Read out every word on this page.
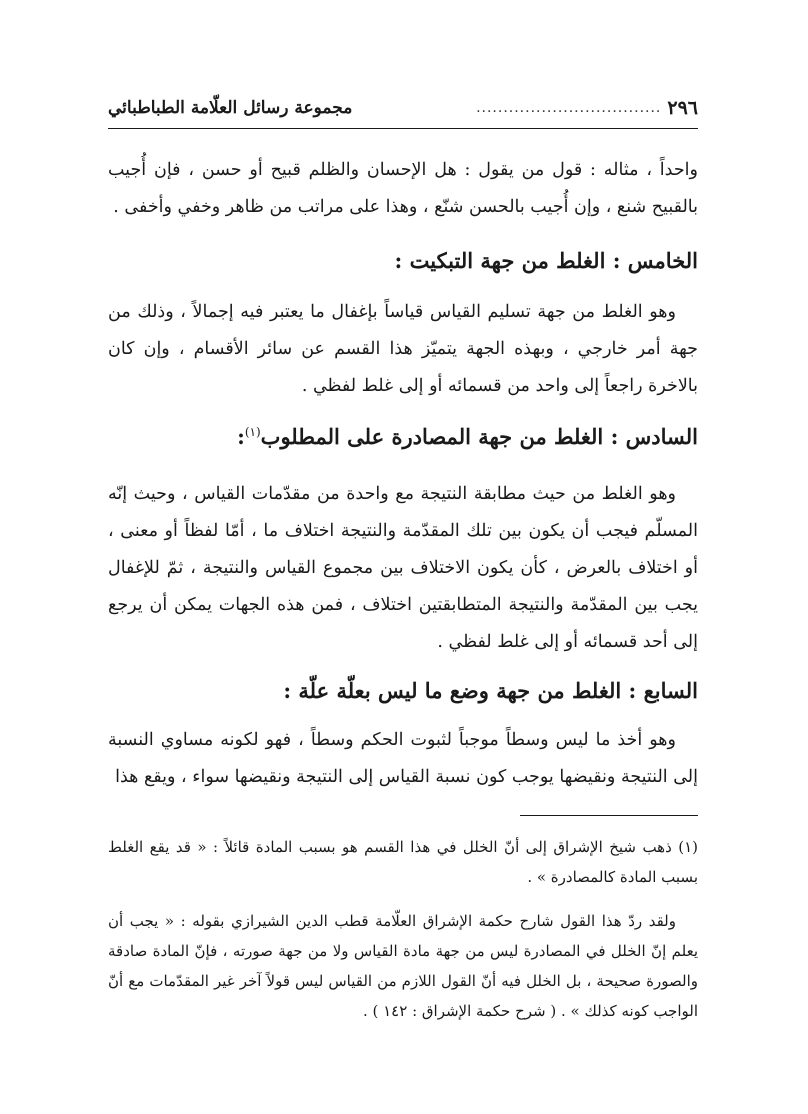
٢٩٦
..................................
مجموعة رسائل العلّامة الطباطبائي

واحداً ، مثاله : قول من يقول : هل الإحسان والظلم قبيح أو حسن ، فإن أُجيب بالقبيح شنع ، وإن أُجيب بالحسن شنّع ، وهذا على مراتب من ظاهر وخفي وأخفى .

الخامس : الغلط من جهة التبكيت :

وهو الغلط من جهة تسليم القياس قياساً بإغفال ما يعتبر فيه إجمالاً ، وذلك من جهة أمر خارجي ، وبهذه الجهة يتميّز هذا القسم عن سائر الأقسام ، وإن كان بالاخرة راجعاً إلى واحد من قسمائه أو إلى غلط لفظي .

السادس : الغلط من جهة المصادرة على المطلوب$^{(١)}$:

وهو الغلط من حيث مطابقة النتيجة مع واحدة من مقدّمات القياس ، وحيث إنّه المسلّم فيجب أن يكون بين تلك المقدّمة والنتيجة اختلاف ما ، أمّا لفظاً أو معنى ، أو اختلاف بالعرض ، كأن يكون الاختلاف بين مجموع القياس والنتيجة ، ثمّ للإغفال يجب بين المقدّمة والنتيجة المتطابقتين اختلاف ، فمن هذه الجهات يمكن أن يرجع إلى أحد قسمائه أو إلى غلط لفظي .

السابع : الغلط من جهة وضع ما ليس بعلّة علّة :

وهو أخذ ما ليس وسطاً موجباً لثبوت الحكم وسطاً ، فهو لكونه مساوي النسبة إلى النتيجة ونقيضها يوجب كون نسبة القياس إلى النتيجة ونقيضها سواء ، ويقع هذا

(١) ذهب شيخ الإشراق إلى أنّ الخلل في هذا القسم هو بسبب المادة قائلاً : « قد يقع الغلط بسبب المادة كالمصادرة » .

ولقد ردّ هذا القول شارح حكمة الإشراق العلّامة قطب الدين الشيرازي بقوله : « يجب أن يعلم إنّ الخلل في المصادرة ليس من جهة مادة القياس ولا من جهة صورته ، فإنّ المادة صادقة والصورة صحيحة ، بل الخلل فيه أنّ القول اللازم من القياس ليس قولاً آخر غير المقدّمات مع أنّ الواجب كونه كذلك » . ( شرح حكمة الإشراق : ١٤٢ ) .
